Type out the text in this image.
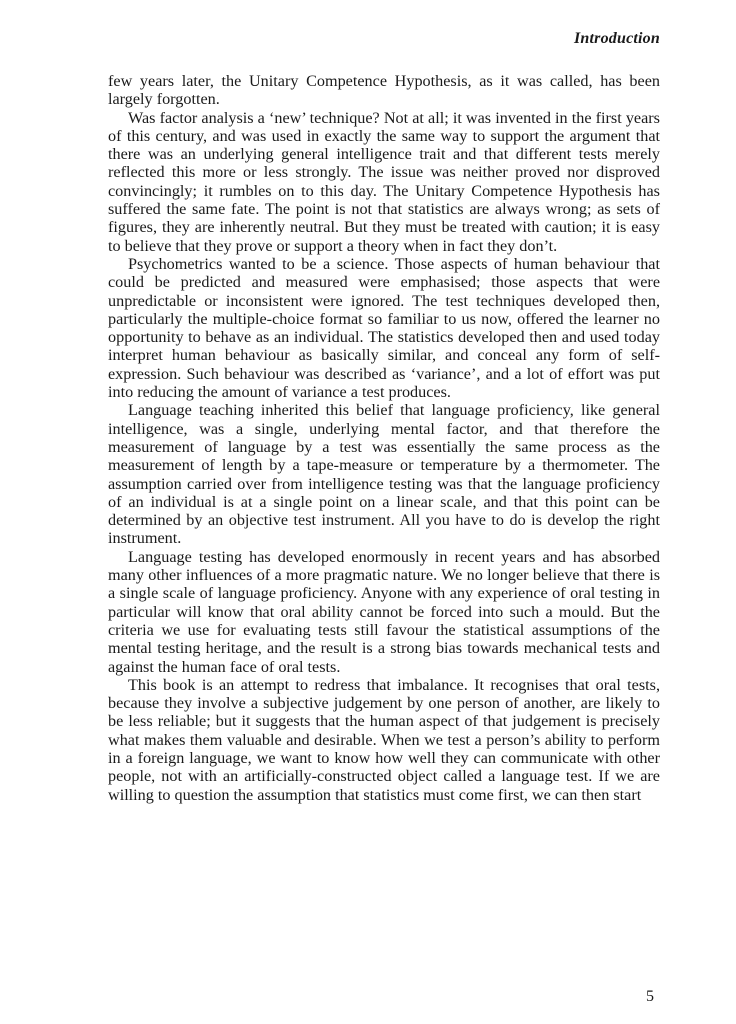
Introduction

few years later, the Unitary Competence Hypothesis, as it was called, has been largely forgotten.

Was factor analysis a ‘new’ technique? Not at all; it was invented in the first years of this century, and was used in exactly the same way to support the argument that there was an underlying general intelligence trait and that different tests merely reflected this more or less strongly. The issue was neither proved nor disproved convincingly; it rumbles on to this day. The Unitary Competence Hypothesis has suffered the same fate. The point is not that statistics are always wrong; as sets of figures, they are inherently neutral. But they must be treated with caution; it is easy to believe that they prove or support a theory when in fact they don’t.

Psychometrics wanted to be a science. Those aspects of human behaviour that could be predicted and measured were emphasised; those aspects that were unpredictable or inconsistent were ignored. The test techniques developed then, particularly the multiple-choice format so familiar to us now, offered the learner no opportunity to behave as an individual. The statistics developed then and used today interpret human behaviour as basically similar, and conceal any form of self-expression. Such behaviour was described as ‘variance’, and a lot of effort was put into reducing the amount of variance a test produces.

Language teaching inherited this belief that language proficiency, like general intelligence, was a single, underlying mental factor, and that therefore the measurement of language by a test was essentially the same process as the measurement of length by a tape-measure or temperature by a thermometer. The assumption carried over from intelligence testing was that the language proficiency of an individual is at a single point on a linear scale, and that this point can be determined by an objective test instrument. All you have to do is develop the right instrument.

Language testing has developed enormously in recent years and has absorbed many other influences of a more pragmatic nature. We no longer believe that there is a single scale of language proficiency. Anyone with any experience of oral testing in particular will know that oral ability cannot be forced into such a mould. But the criteria we use for evaluating tests still favour the statistical assumptions of the mental testing heritage, and the result is a strong bias towards mechanical tests and against the human face of oral tests.

This book is an attempt to redress that imbalance. It recognises that oral tests, because they involve a subjective judgement by one person of another, are likely to be less reliable; but it suggests that the human aspect of that judgement is precisely what makes them valuable and desirable. When we test a person’s ability to perform in a foreign language, we want to know how well they can communicate with other people, not with an artificially-constructed object called a language test. If we are willing to question the assumption that statistics must come first, we can then start

5
